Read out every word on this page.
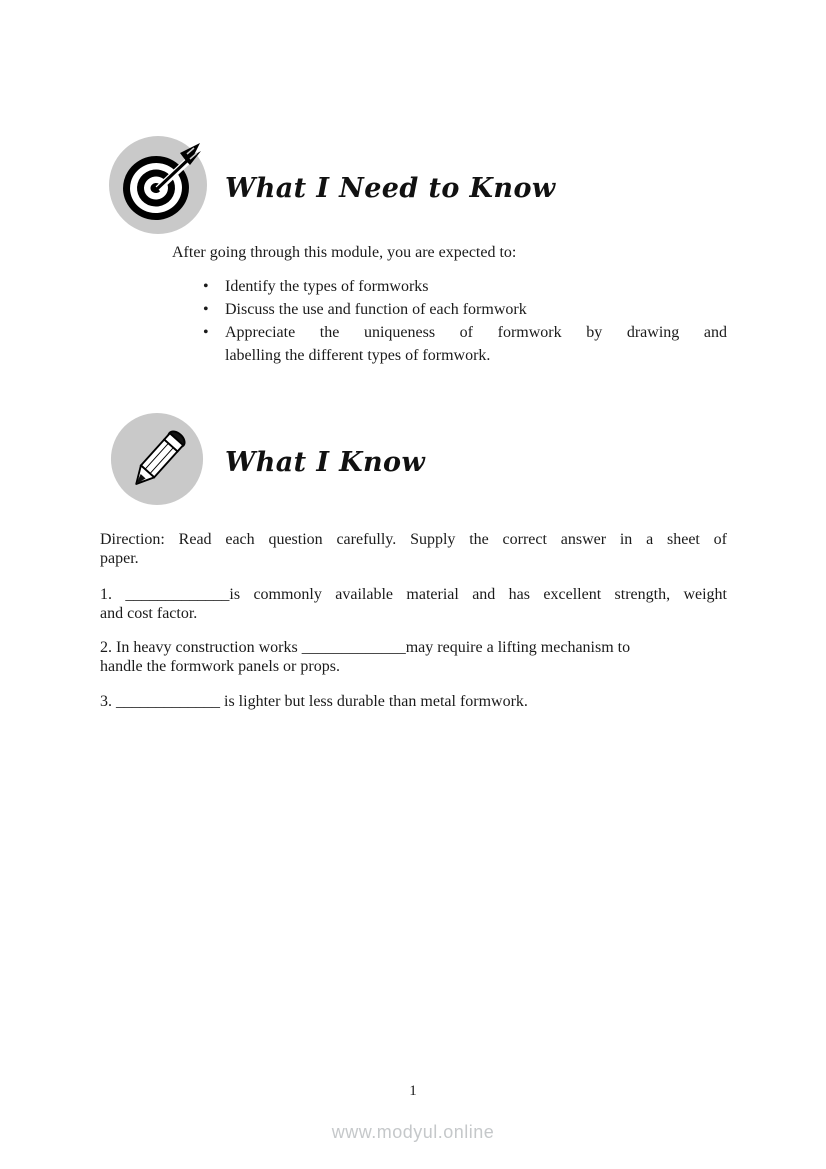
What I Need to Know

After going through this module, you are expected to:

• Identify the types of formworks
• Discuss the use and function of each formwork
• Appreciate the uniqueness of formwork by drawing and
labelling the different types of formwork.
What I Know

Direction: Read each question carefully. Supply the correct answer in a sheet of
paper.

1. _____________is commonly available material and has excellent strength, weight
and cost factor.

2. In heavy construction works _____________may require a lifting mechanism to
handle the formwork panels or props.

3. _____________ is lighter but less durable than metal formwork.

1
www.modyul.online
